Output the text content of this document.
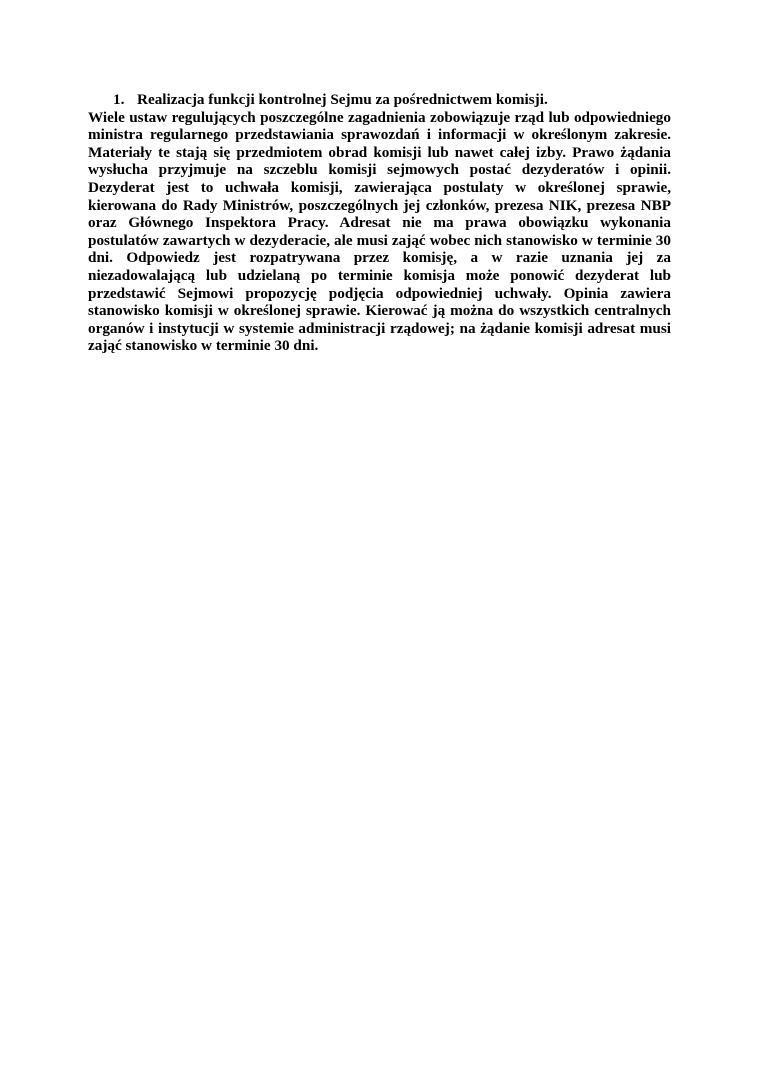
1. Realizacja funkcji kontrolnej Sejmu za pośrednictwem komisji.

Wiele ustaw regulujących poszczególne zagadnienia zobowiązuje rząd lub odpowiedniego ministra regularnego przedstawiania sprawozdań i informacji w określonym zakresie. Materiały te stają się przedmiotem obrad komisji lub nawet całej izby. Prawo żądania wysłucha przyjmuje na szczeblu komisji sejmowych postać dezyderatów i opinii. Dezyderat jest to uchwała komisji, zawierająca postulaty w określonej sprawie, kierowana do Rady Ministrów, poszczególnych jej członków, prezesa NIK, prezesa NBP oraz Głównego Inspektora Pracy. Adresat nie ma prawa obowiązku wykonania postulatów zawartych w dezyderacie, ale musi zająć wobec nich stanowisko w terminie 30 dni. Odpowiedz jest rozpatrywana przez komisję, a w razie uznania jej za niezadowalającą lub udzielaną po terminie komisja może ponowić dezyderat lub przedstawić Sejmowi propozycję podjęcia odpowiedniej uchwały. Opinia zawiera stanowisko komisji w określonej sprawie. Kierować ją można do wszystkich centralnych organów i instytucji w systemie administracji rządowej; na żądanie komisji adresat musi zająć stanowisko w terminie 30 dni.
